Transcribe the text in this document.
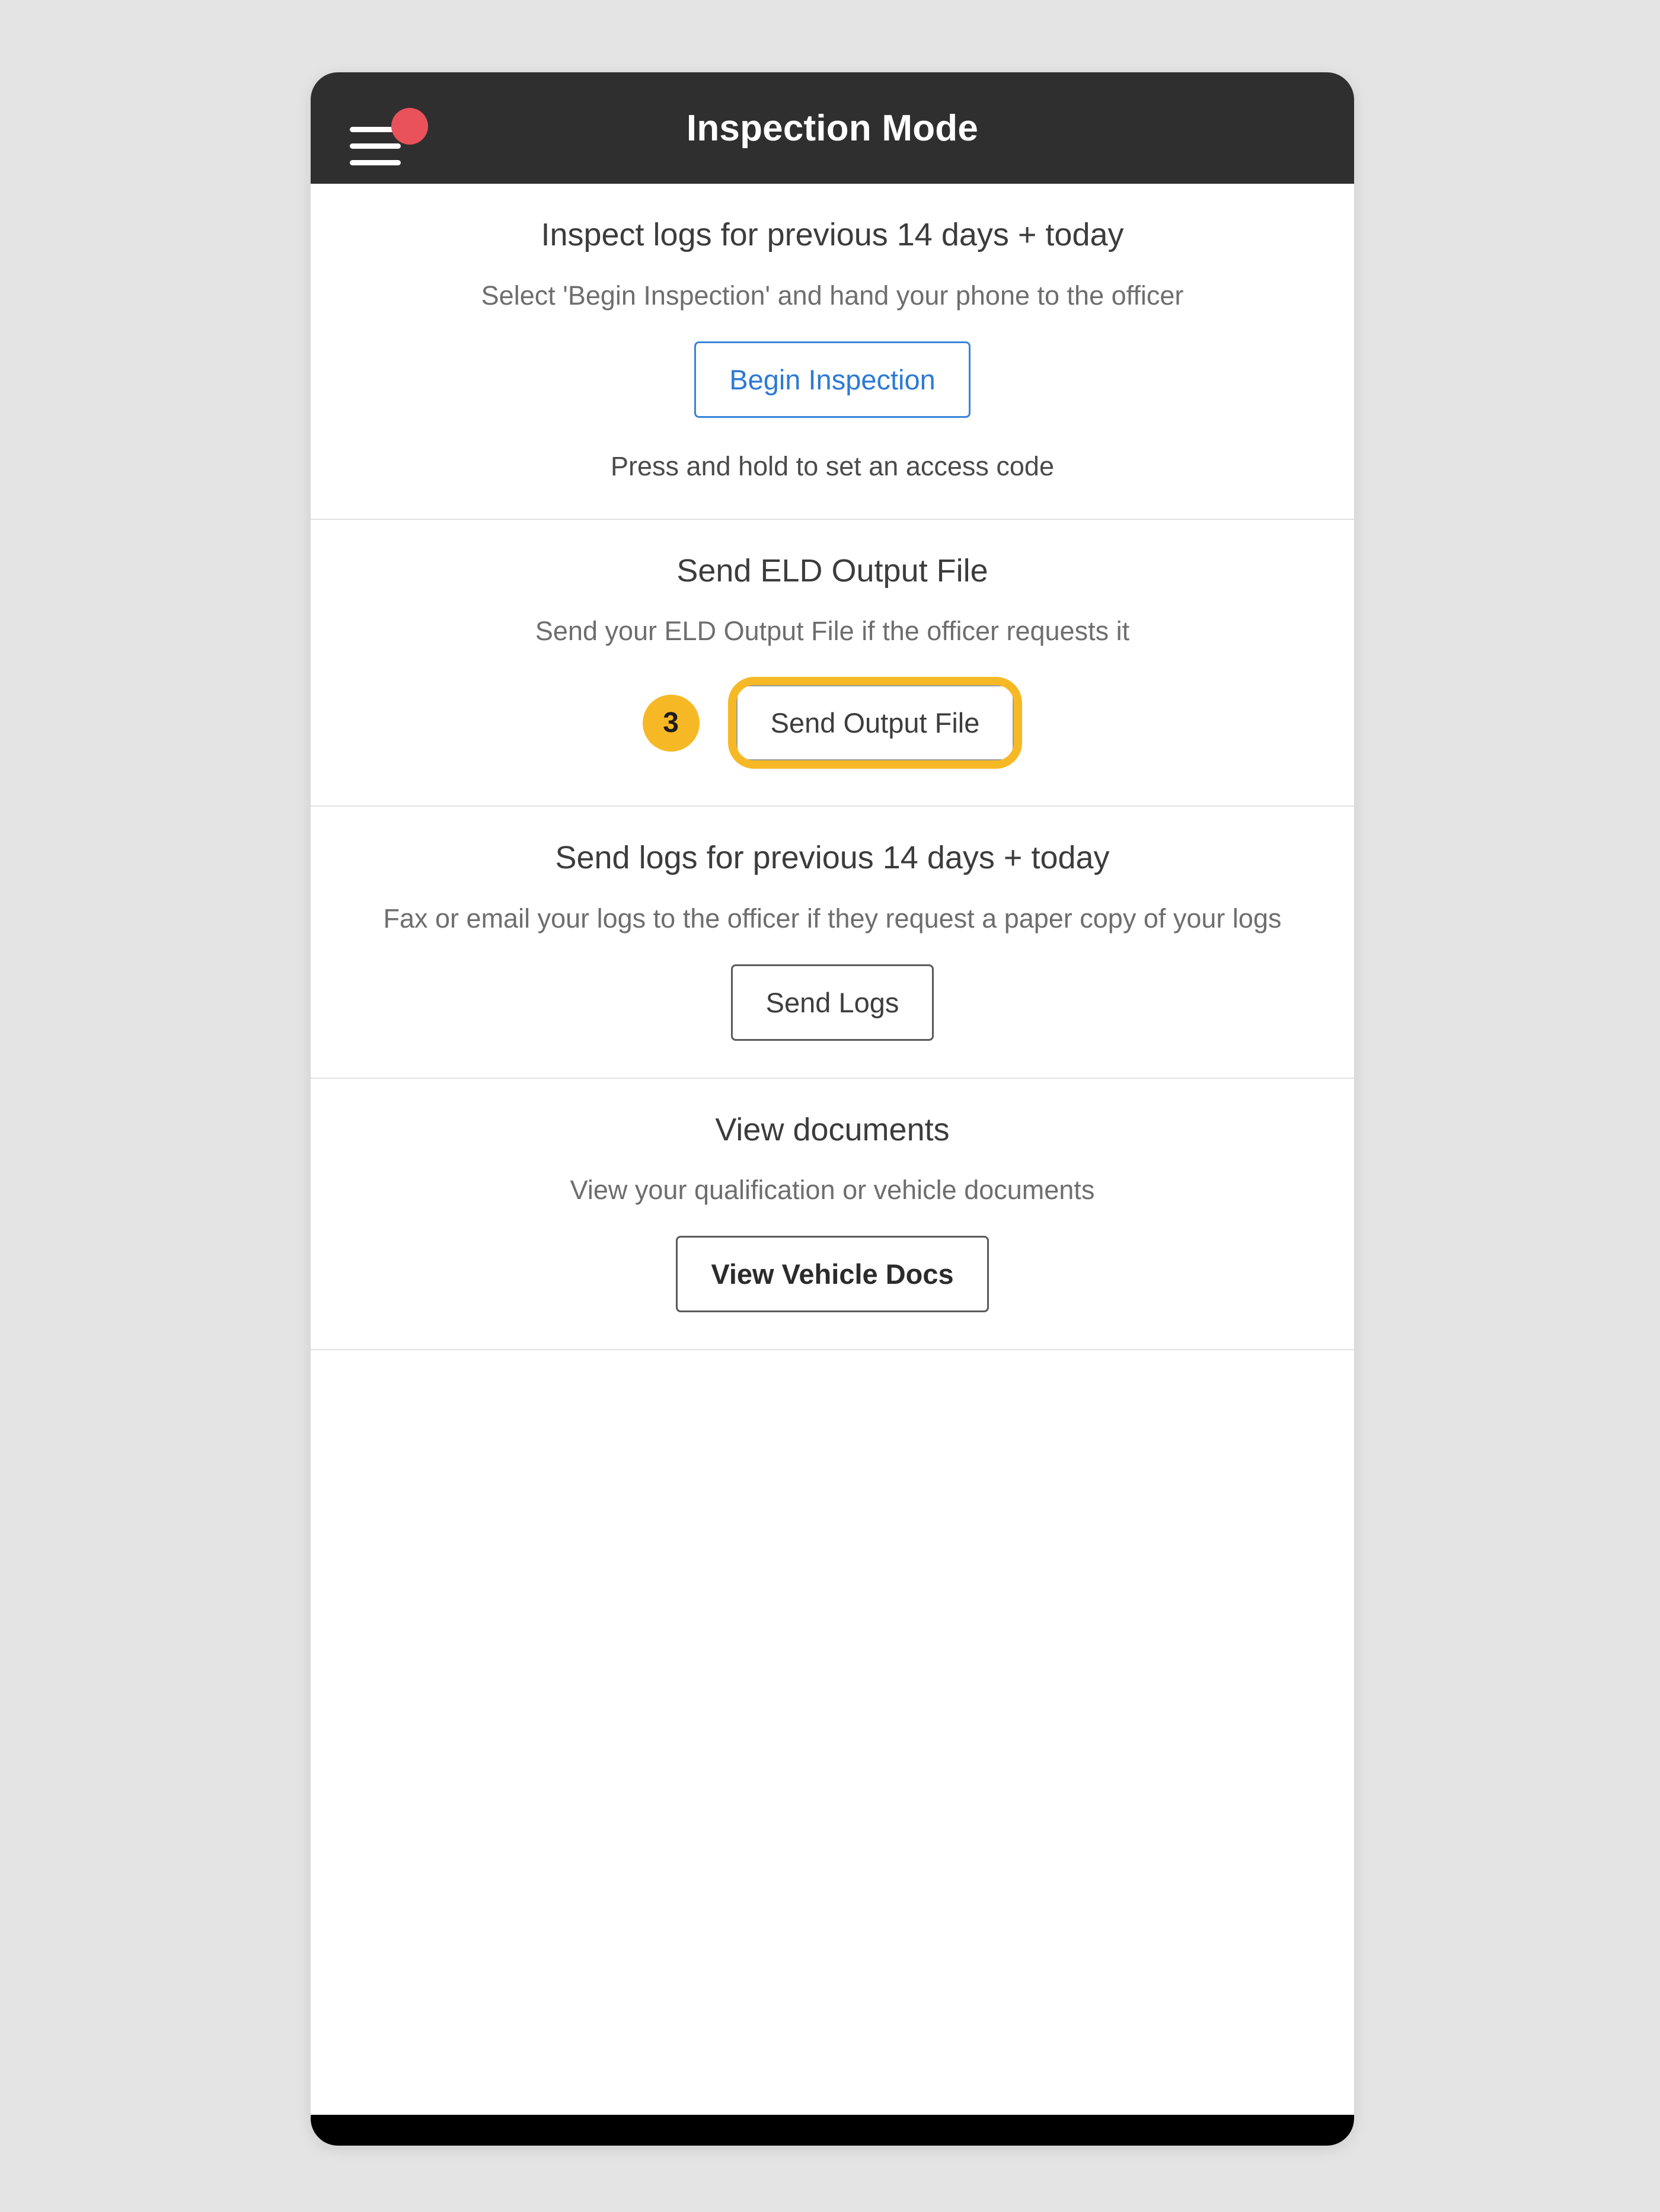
Inspection Mode
Inspect logs for previous 14 days + today
Select 'Begin Inspection' and hand your phone to the officer
Begin Inspection
Press and hold to set an access code
Send ELD Output File
Send your ELD Output File if the officer requests it
3	Send Output File
Send logs for previous 14 days + today
Fax or email your logs to the officer if they request a paper copy of your logs
Send Logs
View documents
View your qualification or vehicle documents
View Vehicle Docs
